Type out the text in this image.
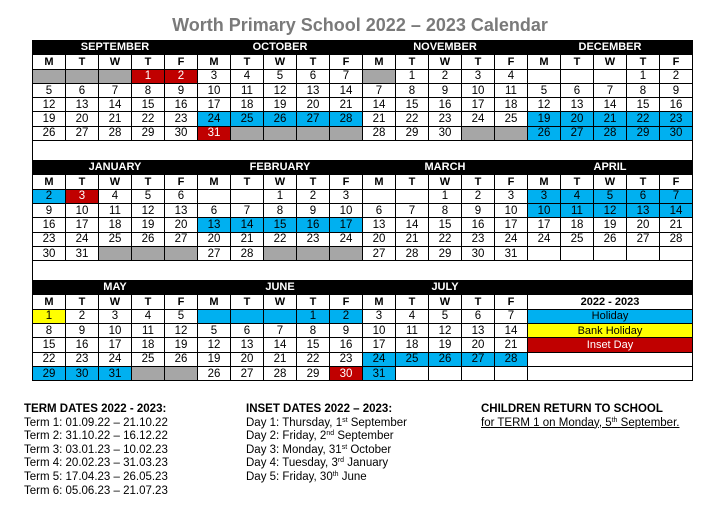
Worth Primary School 2022 – 2023 Calendar
SEPTEMBER					OCTOBER					NOVEMBER					DECEMBER				
M	T	W	T	F	M	T	W	T	F	M	T	W	T	F	M	T	W	T	F
			1	2	3	4	5	6	7		1	2	3	4				1	2
5	6	7	8	9	10	11	12	13	14	7	8	9	10	11	5	6	7	8	9
12	13	14	15	16	17	18	19	20	21	14	15	16	17	18	12	13	14	15	16
19	20	21	22	23	24	25	26	27	28	21	22	23	24	25	19	20	21	22	23
26	27	28	29	30	31					28	29	30			26	27	28	29	30

JANUARY					FEBRUARY					MARCH					APRIL				
M	T	W	T	F	M	T	W	T	F	M	T	W	T	F	M	T	W	T	F
2	3	4	5	6			1	2	3			1	2	3	3	4	5	6	7
9	10	11	12	13	6	7	8	9	10	6	7	8	9	10	10	11	12	13	14
16	17	18	19	20	13	14	15	16	17	13	14	15	16	17	17	18	19	20	21
23	24	25	26	27	20	21	22	23	24	20	21	22	23	24	24	25	26	27	28
30	31				27	28				27	28	29	30	31					

MAY					JUNE					JULY									
M	T	W	T	F	M	T	W	T	F	M	T	W	T	F	2022 - 2023				
1	2	3	4	5				1	2	3	4	5	6	7	Holiday				
8	9	10	11	12	5	6	7	8	9	10	11	12	13	14	Bank Holiday				
15	16	17	18	19	12	13	14	15	16	17	18	19	20	21	Inset Day				
22	23	24	25	26	19	20	21	22	23	24	25	26	27	28					
29	30	31			26	27	28	29	30	31									

TERM DATES 2022 - 2023:
Term 1: 01.09.22 – 21.10.22
Term 2: 31.10.22 – 16.12.22
Term 3: 03.01.23 – 10.02.23
Term 4: 20.02.23 – 31.03.23
Term 5: 17.04.23 – 26.05.23
Term 6: 05.06.23 – 21.07.23
INSET DATES 2022 – 2023:
Day 1: Thursday, 1st September
Day 2: Friday, 2nd September
Day 3: Monday, 31st October
Day 4: Tuesday, 3rd January
Day 5: Friday, 30th June
CHILDREN RETURN TO SCHOOL
for TERM 1 on Monday, 5th September.
